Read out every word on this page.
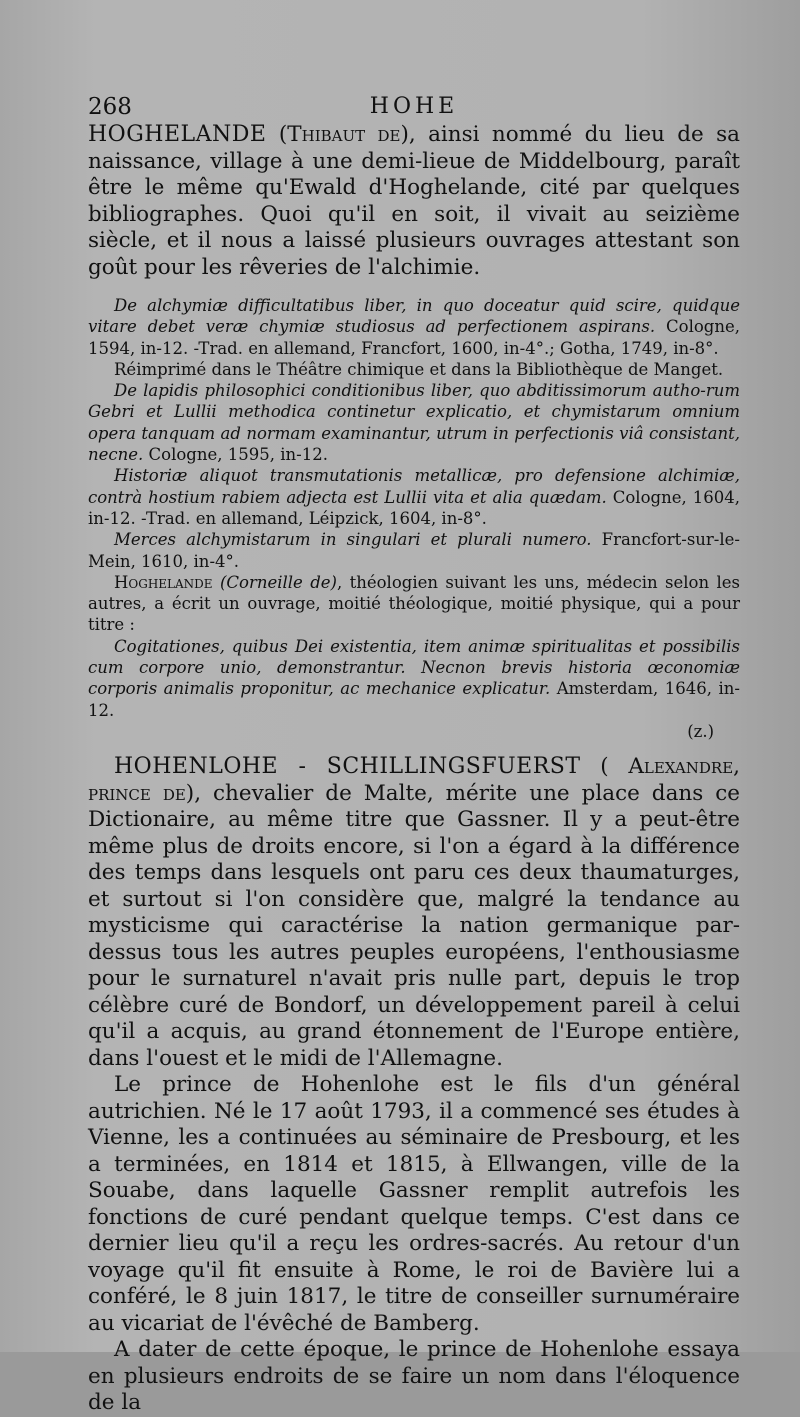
268	HOHE

HOGHELANDE (Thibaut de), ainsi nommé du lieu de sa naissance, village à une demi-lieue de Middelbourg, paraît être le même qu'Ewald d'Hoghelande, cité par quelques bibliographes. Quoi qu'il en soit, il vivait au seizième siècle, et il nous a laissé plusieurs ouvrages attestant son goût pour les rêveries de l'alchimie.

De alchymiæ difficultatibus liber, in quo doceatur quid scire, quidque vitare debet veræ chymiæ studiosus ad perfectionem aspirans. Cologne, 1594, in-12. -Trad. en allemand, Francfort, 1600, in-4°.; Gotha, 1749, in-8°.

Réimprimé dans le Théâtre chimique et dans la Bibliothèque de Manget.

De lapidis philosophici conditionibus liber, quo abditissimorum autho-rum Gebri et Lullii methodica continetur explicatio, et chymistarum omnium opera tanquam ad normam examinantur, utrum in perfectionis viâ consistant, necne. Cologne, 1595, in-12.

Historiæ aliquot transmutationis metallicæ, pro defensione alchimiæ, contrà hostium rabiem adjecta est Lullii vita et alia quædam. Cologne, 1604, in-12. -Trad. en allemand, Léipzick, 1604, in-8°.

Merces alchymistarum in singulari et plurali numero. Francfort-sur-le-Mein, 1610, in-4°.

Hoghelande (Corneille de), théologien suivant les uns, médecin selon les autres, a écrit un ouvrage, moitié théologique, moitié physique, qui a pour titre :

Cogitationes, quibus Dei existentia, item animæ spiritualitas et possibilis cum corpore unio, demonstrantur. Necnon brevis historia œconomiæ corporis animalis proponitur, ac mechanice explicatur. Amsterdam, 1646, in-12.
(z.)

HOHENLOHE - SCHILLINGSFUERST ( Alexandre, prince de), chevalier de Malte, mérite une place dans ce Dictionaire, au même titre que Gassner. Il y a peut-être même plus de droits encore, si l'on a égard à la différence des temps dans lesquels ont paru ces deux thaumaturges, et surtout si l'on considère que, malgré la tendance au mysticisme qui caractérise la nation germanique par-dessus tous les autres peuples européens, l'enthousiasme pour le surnaturel n'avait pris nulle part, depuis le trop célèbre curé de Bondorf, un développement pareil à celui qu'il a acquis, au grand étonnement de l'Europe entière, dans l'ouest et le midi de l'Allemagne.

Le prince de Hohenlohe est le fils d'un général autrichien. Né le 17 août 1793, il a commencé ses études à Vienne, les a continuées au séminaire de Presbourg, et les a terminées, en 1814 et 1815, à Ellwangen, ville de la Souabe, dans laquelle Gassner remplit autrefois les fonctions de curé pendant quelque temps. C'est dans ce dernier lieu qu'il a reçu les ordres-sacrés. Au retour d'un voyage qu'il fit ensuite à Rome, le roi de Bavière lui a conféré, le 8 juin 1817, le titre de conseiller surnuméraire au vicariat de l'évêché de Bamberg.

A dater de cette époque, le prince de Hohenlohe essaya en plusieurs endroits de se faire un nom dans l'éloquence de la
